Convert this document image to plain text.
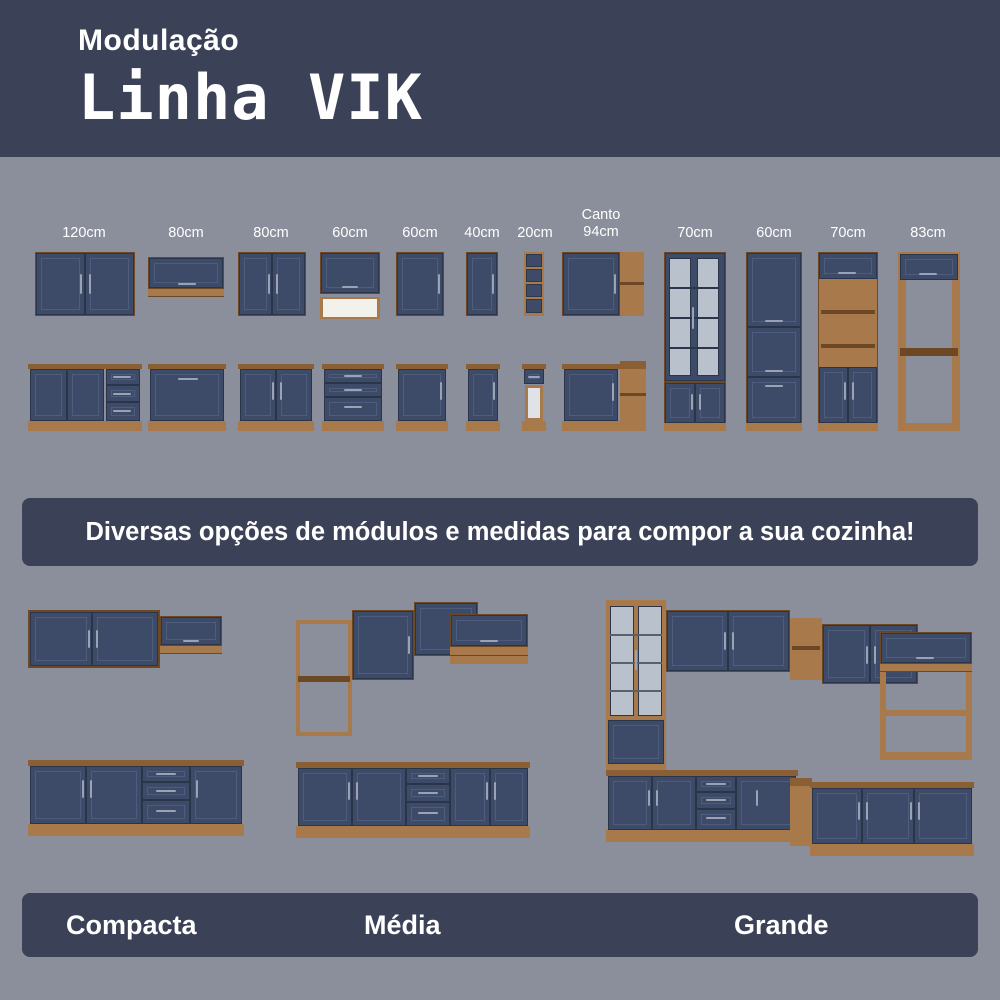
Modulação
Linha VIK
120cm	80cm	80cm	60cm	60cm	40cm	20cm
Canto 94cm	70cm	60cm	70cm	83cm
Diversas opções de módulos e medidas para compor a sua cozinha!
Compacta	Média	Grande
